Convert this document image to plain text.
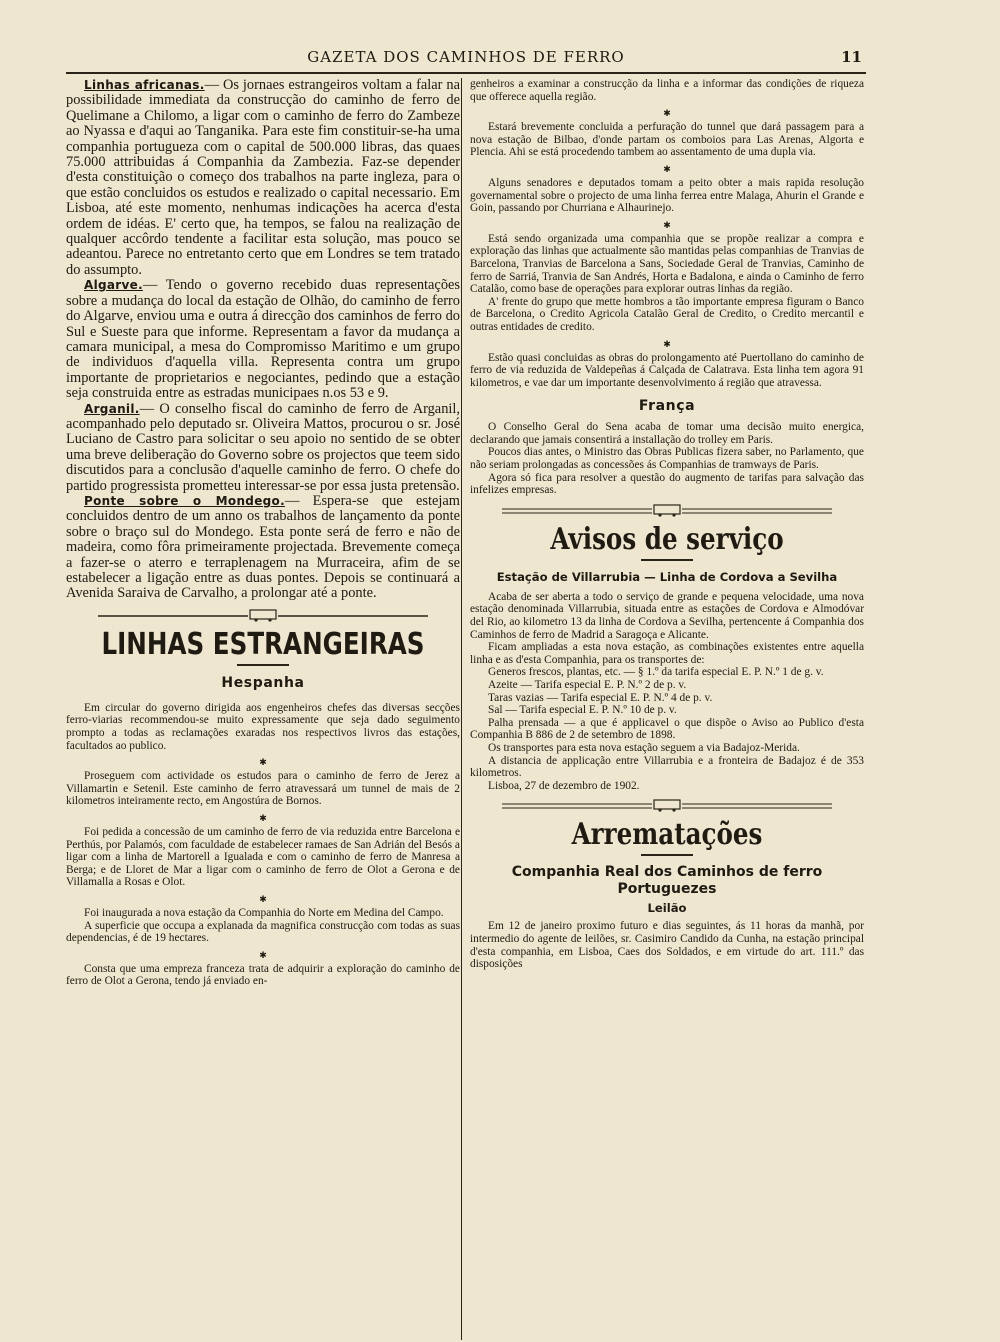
GAZETA DOS CAMINHOS DE FERRO	11

Linhas africanas.— Os jornaes estrangeiros voltam a falar na possibilidade immediata da construcção do caminho de ferro de Quelimane a Chilomo, a ligar com o caminho de ferro do Zambeze ao Nyassa e d'aqui ao Tanganika. Para este fim constituir-se-ha uma companhia portugueza com o capital de 500.000 libras, das quaes 75.000 attribuidas á Companhia da Zambezia. Faz-se depender d'esta constituição o começo dos trabalhos na parte ingleza, para o que estão concluidos os estudos e realizado o capital necessario. Em Lisboa, até este momento, nenhumas indicações ha acerca d'esta ordem de idéas. E' certo que, ha tempos, se falou na realização de qualquer accôrdo tendente a facilitar esta solução, mas pouco se adeantou. Parece no entretanto certo que em Londres se tem tratado do assumpto.

Algarve.— Tendo o governo recebido duas representações sobre a mudança do local da estação de Olhão, do caminho de ferro do Algarve, enviou uma e outra á direcção dos caminhos de ferro do Sul e Sueste para que informe. Representam a favor da mudança a camara municipal, a mesa do Compromisso Maritimo e um grupo de individuos d'aquella villa. Representa contra um grupo importante de proprietarios e negociantes, pedindo que a estação seja construida entre as estradas municipaes n.os 53 e 9.

Arganil.— O conselho fiscal do caminho de ferro de Arganil, acompanhado pelo deputado sr. Oliveira Mattos, procurou o sr. José Luciano de Castro para solicitar o seu apoio no sentido de se obter uma breve deliberação do Governo sobre os projectos que teem sido discutidos para a conclusão d'aquelle caminho de ferro. O chefe do partido progressista prometteu interessar-se por essa justa pretensão.

Ponte sobre o Mondego.— Espera-se que estejam concluidos dentro de um anno os trabalhos de lançamento da ponte sobre o braço sul do Mondego. Esta ponte será de ferro e não de madeira, como fôra primeiramente projectada. Brevemente começa a fazer-se o aterro e terraplenagem na Murraceira, afim de se estabelecer a ligação entre as duas pontes. Depois se continuará a Avenida Saraiva de Carvalho, a prolongar até a ponte.

LINHAS ESTRANGEIRAS
Hespanha

Em circular do governo dirigida aos engenheiros chefes das diversas secções ferro-viarias recommendou-se muito expressamente que seja dado seguimento prompto a todas as reclamações exaradas nos respectivos livros das estações, facultados ao publico.

✱

Proseguem com actividade os estudos para o caminho de ferro de Jerez a Villamartin e Setenil. Este caminho de ferro atravessará um tunnel de mais de 2 kilometros inteiramente recto, em Angostúra de Bornos.

✱

Foi pedida a concessão de um caminho de ferro de via reduzida entre Barcelona e Perthús, por Palamós, com faculdade de estabelecer ramaes de San Adrián del Besós a ligar com a linha de Martorell a Igualada e com o caminho de ferro de Manresa a Berga; e de Lloret de Mar a ligar com o caminho de ferro de Olot a Gerona e de Villamalla a Rosas e Olot.

✱

Foi inaugurada a nova estação da Companhia do Norte em Medina del Campo.

A superficie que occupa a explanada da magnifica construcção com todas as suas dependencias, é de 19 hectares.

✱

Consta que uma empreza franceza trata de adquirir a exploração do caminho de ferro de Olot a Gerona, tendo já enviado en-

genheiros a examinar a construcção da linha e a informar das condições de riqueza que offerece aquella região.

✱

Estará brevemente concluida a perfuração do tunnel que dará passagem para a nova estação de Bilbao, d'onde partam os comboios para Las Arenas, Algorta e Plencia. Ahi se está procedendo tambem ao assentamento de uma dupla via.

✱

Alguns senadores e deputados tomam a peito obter a mais rapida resolução governamental sobre o projecto de uma linha ferrea entre Malaga, Ahurin el Grande e Goin, passando por Churriana e Alhaurinejo.

✱

Está sendo organizada uma companhia que se propõe realizar a compra e exploração das linhas que actualmente são mantidas pelas companhias de Tranvias de Barcelona, Tranvias de Barcelona a Sans, Sociedade Geral de Tranvias, Caminho de ferro de Sarriá, Tranvia de San Andrés, Horta e Badalona, e ainda o Caminho de ferro Catalão, como base de operações para explorar outras linhas da região.

A' frente do grupo que mette hombros a tão importante empresa figuram o Banco de Barcelona, o Credito Agricola Catalão Geral de Credito, o Credito mercantil e outras entidades de credito.

✱

Estão quasi concluidas as obras do prolongamento até Puertollano do caminho de ferro de via reduzida de Valdepeñas á Calçada de Calatrava. Esta linha tem agora 91 kilometros, e vae dar um importante desenvolvimento á região que atravessa.

França

O Conselho Geral do Sena acaba de tomar uma decisão muito energica, declarando que jamais consentirá a installação do trolley em Paris.

Poucos dias antes, o Ministro das Obras Publicas fizera saber, no Parlamento, que não seriam prolongadas as concessões ás Companhias de tramways de Paris.

Agora só fica para resolver a questão do augmento de tarifas para salvação das infelizes empresas.

Avisos de serviço
Estação de Villarrubia — Linha de Cordova a Sevilha

Acaba de ser aberta a todo o serviço de grande e pequena velocidade, uma nova estação denominada Villarrubia, situada entre as estações de Cordova e Almodóvar del Rio, ao kilometro 13 da linha de Cordova a Sevilha, pertencente á Companhia dos Caminhos de ferro de Madrid a Saragoça e Alicante.

Ficam ampliadas a esta nova estação, as combinações existentes entre aquella linha e as d'esta Companhia, para os transportes de:

Generos frescos, plantas, etc. — § 1.º da tarifa especial E. P. N.º 1 de g. v.

Azeite — Tarifa especial E. P. N.º 2 de p. v.

Taras vazias — Tarifa especial E. P. N.º 4 de p. v.

Sal — Tarifa especial E. P. N.º 10 de p. v.

Palha prensada — a que é applicavel o que dispõe o Aviso ao Publico d'esta Companhia B 886 de 2 de setembro de 1898.

Os transportes para esta nova estação seguem a via Badajoz-Merida.

A distancia de applicação entre Villarrubia e a fronteira de Badajoz é de 353 kilometros.

Lisboa, 27 de dezembro de 1902.

Arrematações
Companhia Real dos Caminhos de ferro Portuguezes
Leilão

Em 12 de janeiro proximo futuro e dias seguintes, ás 11 horas da manhã, por intermedio do agente de leilões, sr. Casimiro Candido da Cunha, na estação principal d'esta companhia, em Lisboa, Caes dos Soldados, e em virtude do art. 111.º das disposições
